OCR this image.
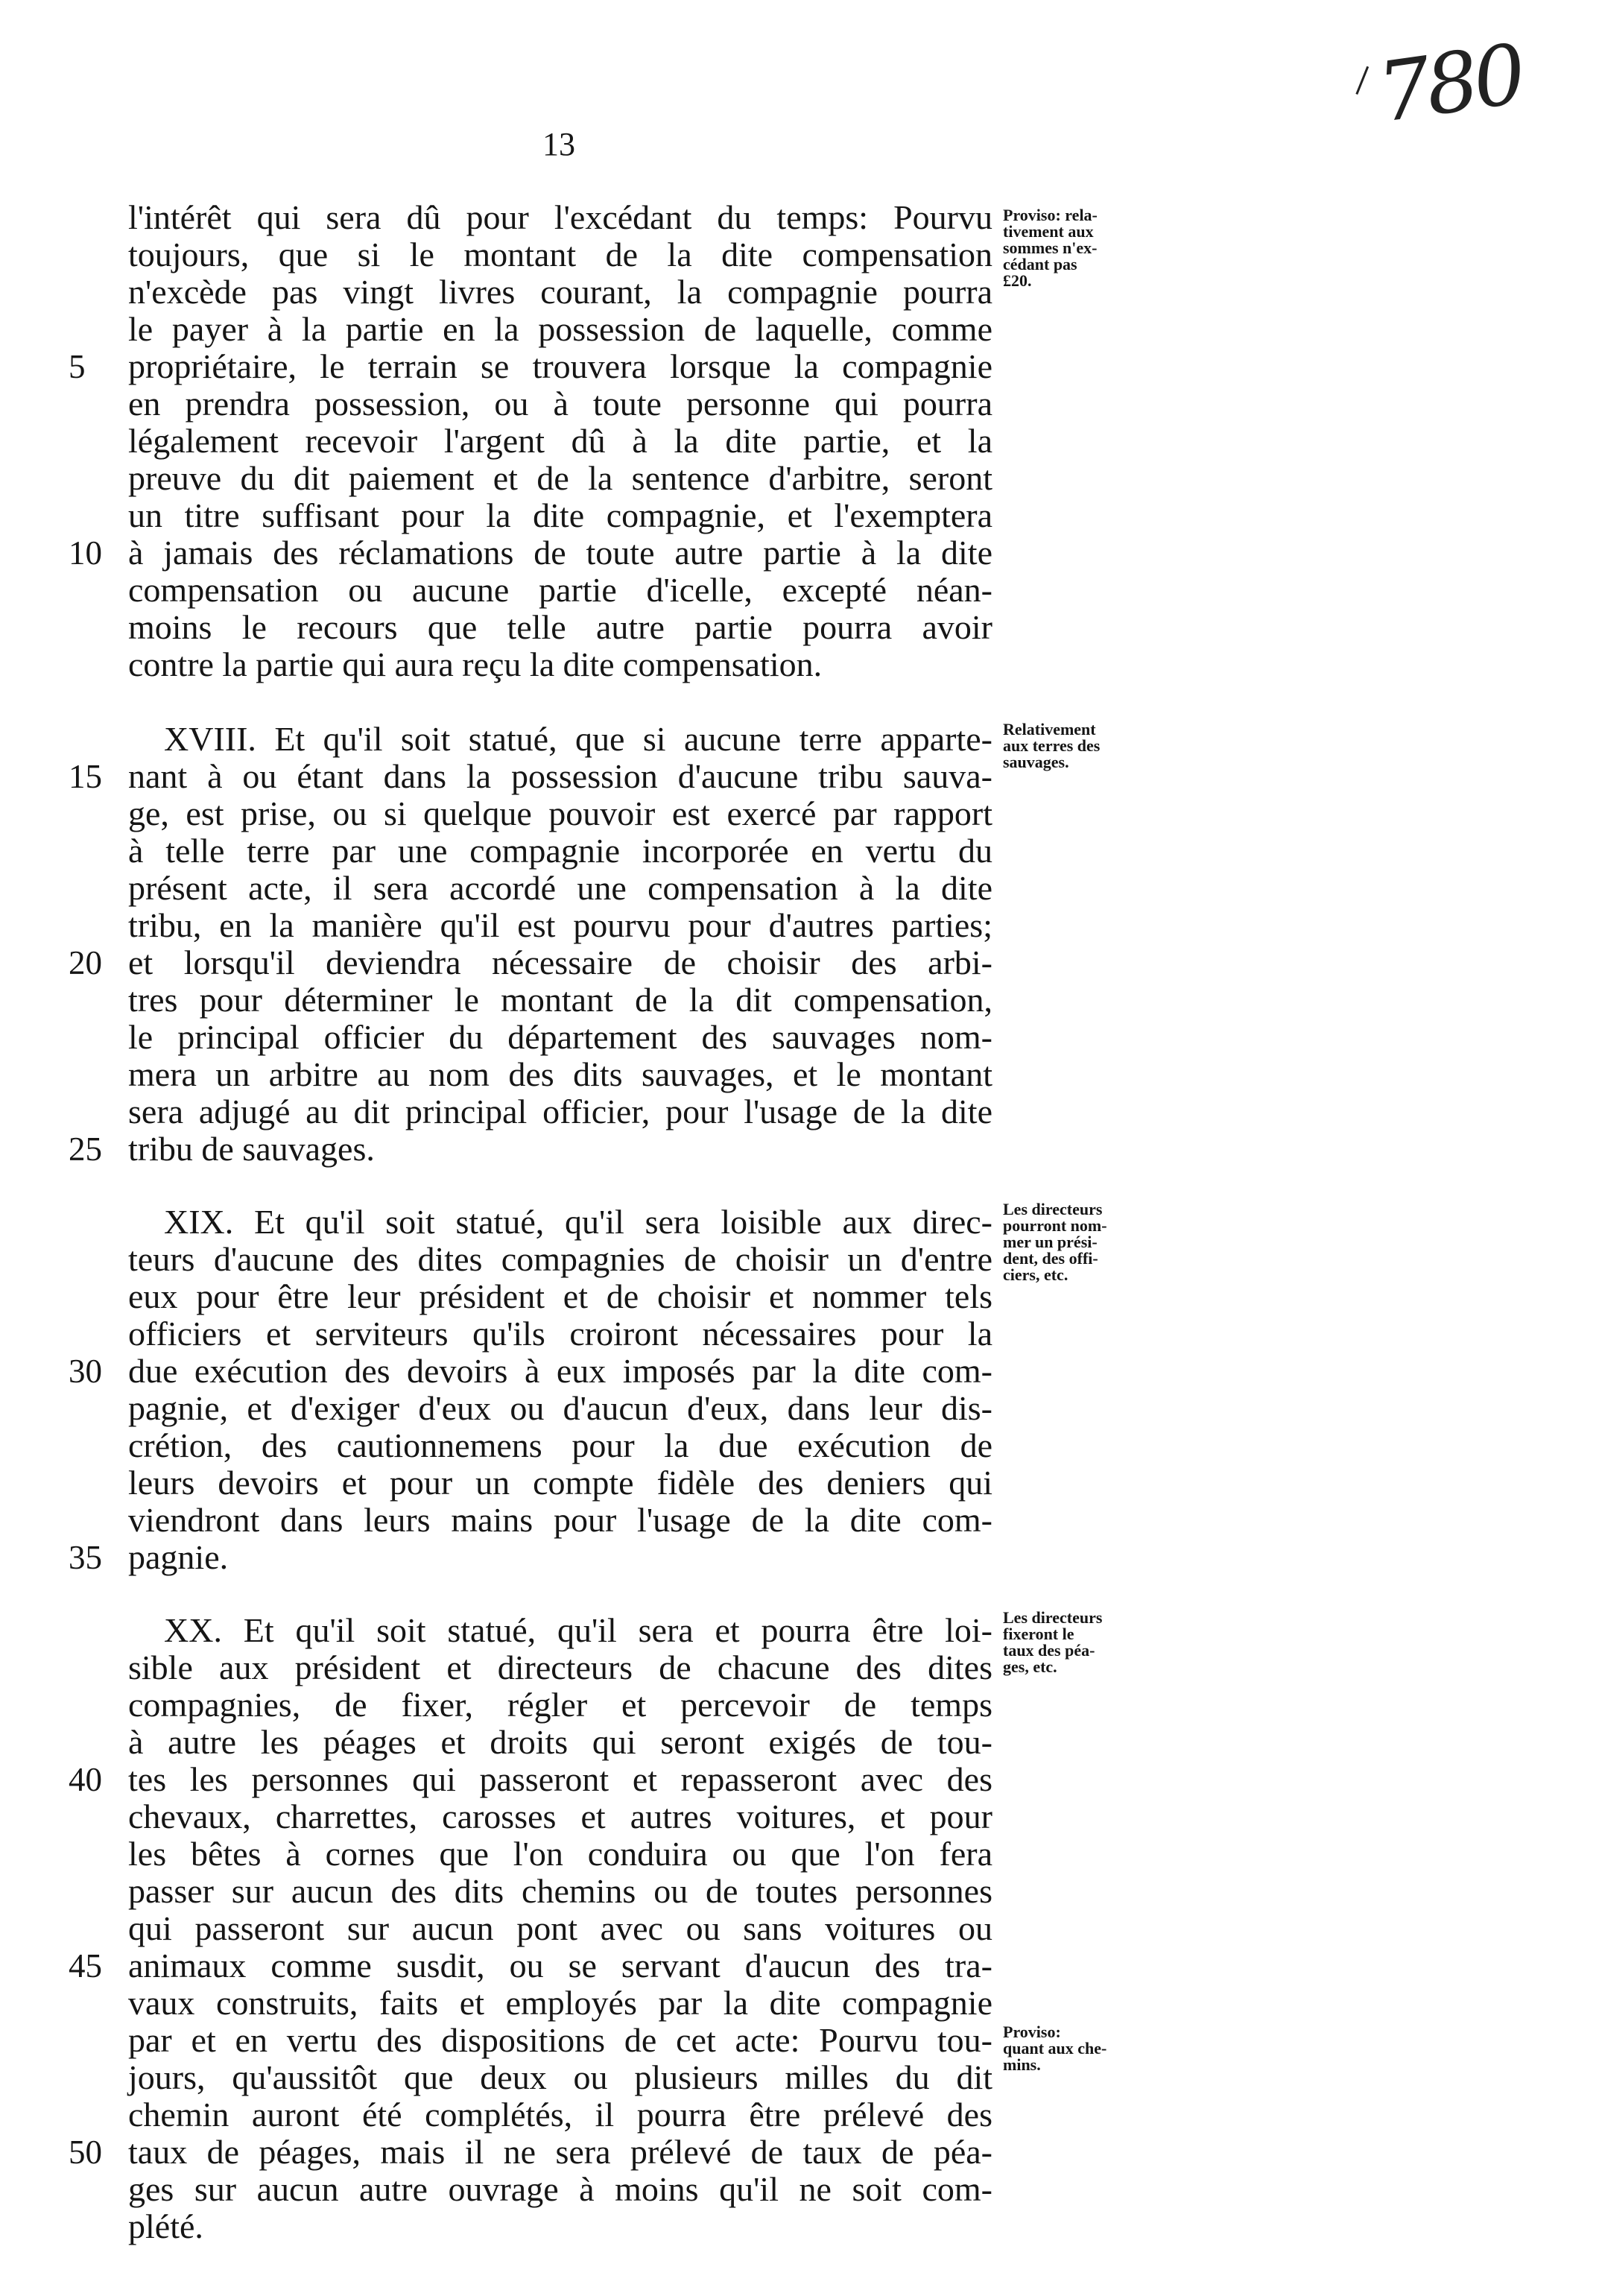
13
780
l'intérêt qui sera dû pour l'excédant du temps: Pourvu
toujours, que si le montant de la dite compensation
n'excède pas vingt livres courant, la compagnie pourra
le payer à la partie en la possession de laquelle, comme
propriétaire, le terrain se trouvera lorsque la compagnie
5
en prendra possession, ou à toute personne qui pourra
légalement recevoir l'argent dû à la dite partie, et la
preuve du dit paiement et de la sentence d'arbitre, seront
un titre suffisant pour la dite compagnie, et l'exemptera
à jamais des réclamations de toute autre partie à la dite
10
compensation ou aucune partie d'icelle, excepté néan-
moins le recours que telle autre partie pourra avoir
contre la partie qui aura reçu la dite compensation.
XVIII. Et qu'il soit statué, que si aucune terre apparte-
nant à ou étant dans la possession d'aucune tribu sauva-
15
ge, est prise, ou si quelque pouvoir est exercé par rapport
à telle terre par une compagnie incorporée en vertu du
présent acte, il sera accordé une compensation à la dite
tribu, en la manière qu'il est pourvu pour d'autres parties;
et lorsqu'il deviendra nécessaire de choisir des arbi-
20
tres pour déterminer le montant de la dit compensation,
le principal officier du département des sauvages nom-
mera un arbitre au nom des dits sauvages, et le montant
sera adjugé au dit principal officier, pour l'usage de la dite
tribu de sauvages.
25
XIX. Et qu'il soit statué, qu'il sera loisible aux direc-
teurs d'aucune des dites compagnies de choisir un d'entre
eux pour être leur président et de choisir et nommer tels
officiers et serviteurs qu'ils croiront nécessaires pour la
due exécution des devoirs à eux imposés par la dite com-
30
pagnie, et d'exiger d'eux ou d'aucun d'eux, dans leur dis-
crétion, des cautionnemens pour la due exécution de
leurs devoirs et pour un compte fidèle des deniers qui
viendront dans leurs mains pour l'usage de la dite com-
pagnie.
35
XX. Et qu'il soit statué, qu'il sera et pourra être loi-
sible aux président et directeurs de chacune des dites
compagnies, de fixer, régler et percevoir de temps
à autre les péages et droits qui seront exigés de tou-
tes les personnes qui passeront et repasseront avec des
40
chevaux, charrettes, carosses et autres voitures, et pour
les bêtes à cornes que l'on conduira ou que l'on fera
passer sur aucun des dits chemins ou de toutes personnes
qui passeront sur aucun pont avec ou sans voitures ou
animaux comme susdit, ou se servant d'aucun des tra-
45
vaux construits, faits et employés par la dite compagnie
par et en vertu des dispositions de cet acte: Pourvu tou-
jours, qu'aussitôt que deux ou plusieurs milles du dit
chemin auront été complétés, il pourra être prélevé des
taux de péages, mais il ne sera prélevé de taux de péa-
50
ges sur aucun autre ouvrage à moins qu'il ne soit com-
plété.
Proviso: rela-
tivement aux
sommes n'ex-
cédant pas
£20.
Relativement
aux terres des
sauvages.
Les directeurs
pourront nom-
mer un prési-
dent, des offi-
ciers, etc.
Les directeurs
fixeront le
taux des péa-
ges, etc.
Proviso:
quant aux che-
mins.
